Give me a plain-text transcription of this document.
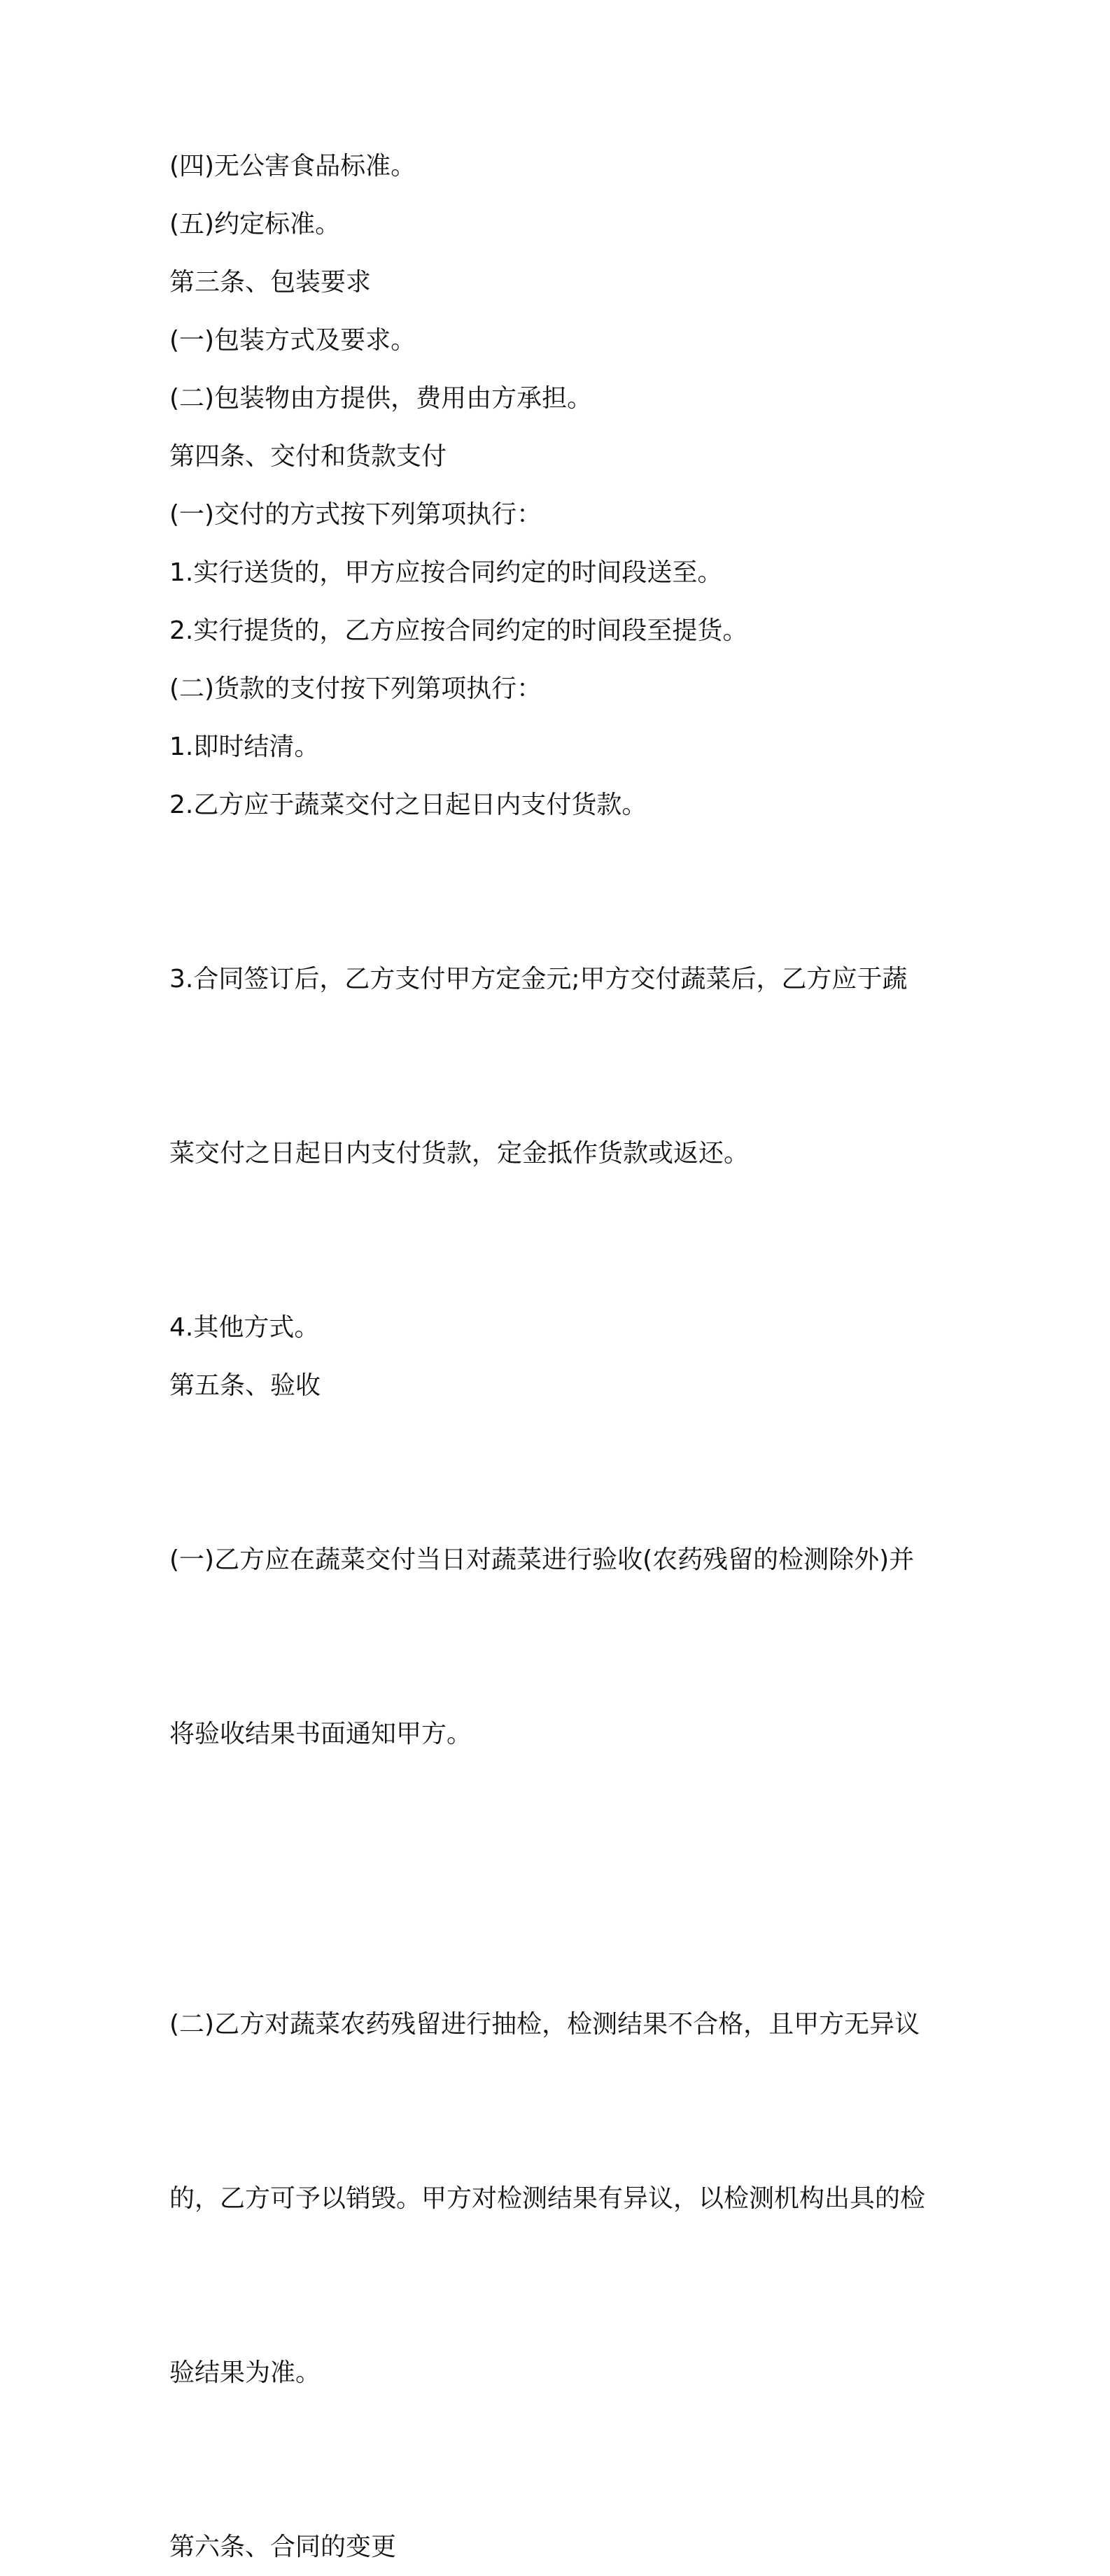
(四)无公害食品标准。

(五)约定标准。

第三条、包装要求

(一)包装方式及要求。

(二)包装物由方提供，费用由方承担。

第四条、交付和货款支付

(一)交付的方式按下列第项执行：

1.实行送货的，甲方应按合同约定的时间段送至。

2.实行提货的，乙方应按合同约定的时间段至提货。

(二)货款的支付按下列第项执行：

1.即时结清。

2.乙方应于蔬菜交付之日起日内支付货款。

3.合同签订后，乙方支付甲方定金元;甲方交付蔬菜后，乙方应于蔬

菜交付之日起日内支付货款，定金抵作货款或返还。

4.其他方式。

第五条、验收

(一)乙方应在蔬菜交付当日对蔬菜进行验收(农药残留的检测除外)并

将验收结果书面通知甲方。

(二)乙方对蔬菜农药残留进行抽检，检测结果不合格，且甲方无异议

的，乙方可予以销毁。甲方对检测结果有异议，以检测机构出具的检

验结果为准。

第六条、合同的变更
